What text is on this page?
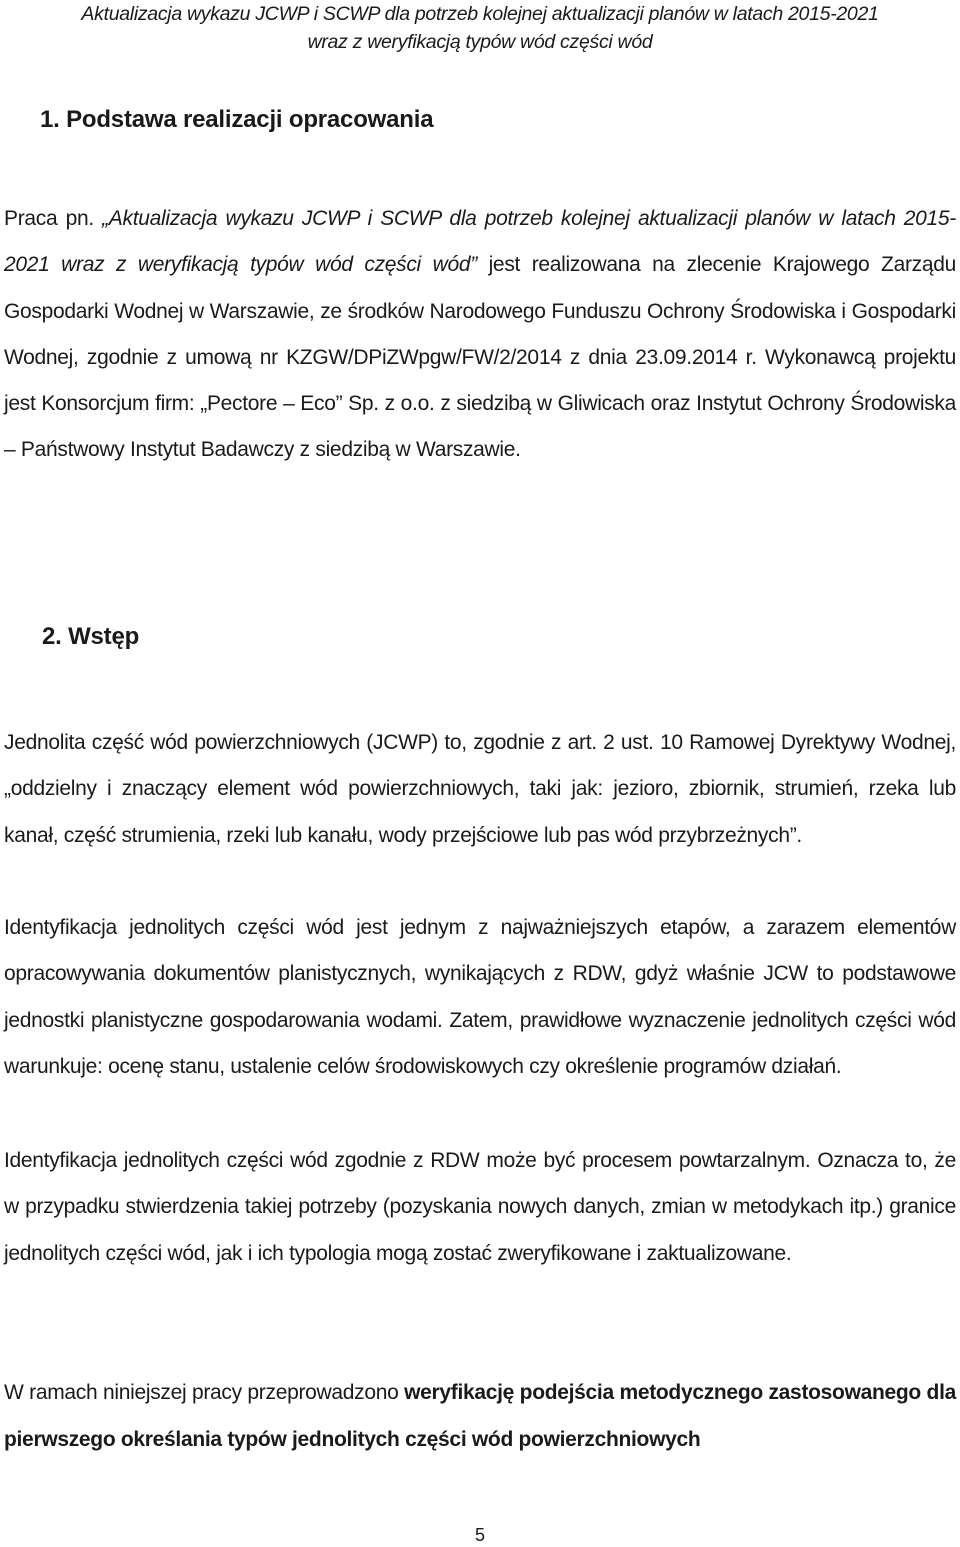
Aktualizacja wykazu JCWP i SCWP dla potrzeb kolejnej aktualizacji planów w latach 2015-2021
wraz z weryfikacją typów wód części wód
1. Podstawa realizacji opracowania

Praca pn. „Aktualizacja wykazu JCWP i SCWP dla potrzeb kolejnej aktualizacji planów w latach 2015-2021 wraz z weryfikacją typów wód części wód” jest realizowana na zlecenie Krajowego Zarządu Gospodarki Wodnej w Warszawie, ze środków Narodowego Funduszu Ochrony Środowiska i Gospodarki Wodnej, zgodnie z umową nr KZGW/DPiZWpgw/FW/2/2014 z dnia 23.09.2014 r. Wykonawcą projektu jest Konsorcjum firm: „Pectore – Eco” Sp. z o.o. z siedzibą w Gliwicach oraz Instytut Ochrony Środowiska – Państwowy Instytut Badawczy z siedzibą w Warszawie.

2. Wstęp

Jednolita część wód powierzchniowych (JCWP) to, zgodnie z art. 2 ust. 10 Ramowej Dyrektywy Wodnej, „oddzielny i znaczący element wód powierzchniowych, taki jak: jezioro, zbiornik, strumień, rzeka lub kanał, część strumienia, rzeki lub kanału, wody przejściowe lub pas wód przybrzeżnych”.

Identyfikacja jednolitych części wód jest jednym z najważniejszych etapów, a zarazem elementów opracowywania dokumentów planistycznych, wynikających z RDW, gdyż właśnie JCW to podstawowe jednostki planistyczne gospodarowania wodami. Zatem, prawidłowe wyznaczenie jednolitych części wód warunkuje: ocenę stanu, ustalenie celów środowiskowych czy określenie programów działań.

Identyfikacja jednolitych części wód zgodnie z RDW może być procesem powtarzalnym. Oznacza to, że w przypadku stwierdzenia takiej potrzeby (pozyskania nowych danych, zmian w metodykach itp.) granice jednolitych części wód, jak i ich typologia mogą zostać zweryfikowane i zaktualizowane.

W ramach niniejszej pracy przeprowadzono weryfikację podejścia metodycznego zastosowanego dla pierwszego określania typów jednolitych części wód powierzchniowych

5
